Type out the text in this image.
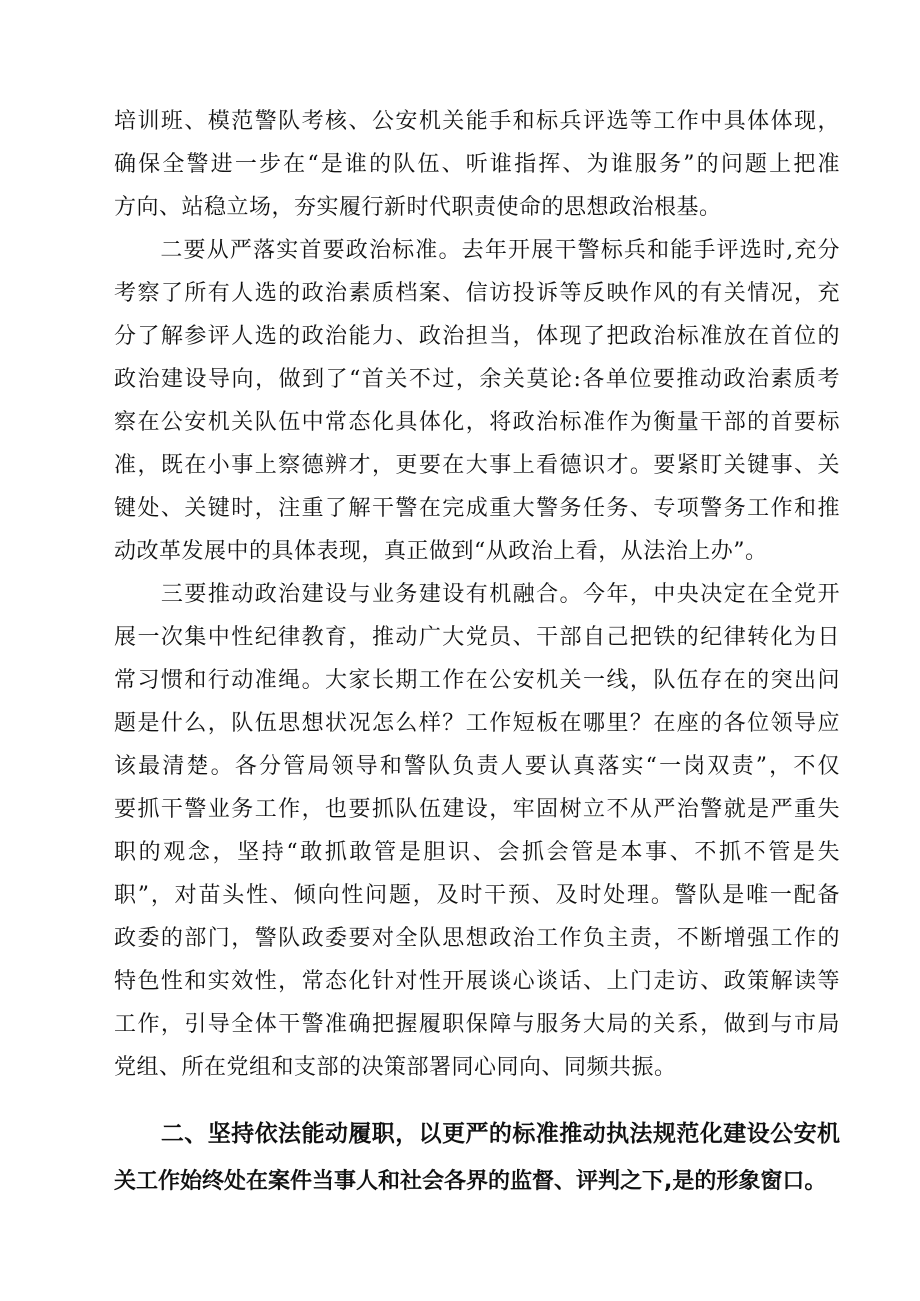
培训班、模范警队考核、公安机关能手和标兵评选等工作中具体体现，
确保全警进一步在“是谁的队伍、听谁指挥、为谁服务”的问题上把准
方向、站稳立场，夯实履行新时代职责使命的思想政治根基。
　　二要从严落实首要政治标准。去年开展干警标兵和能手评选时,充分
考察了所有人选的政治素质档案、信访投诉等反映作风的有关情况，充
分了解参评人选的政治能力、政治担当，体现了把政治标准放在首位的
政治建设导向，做到了“首关不过，余关莫论:各单位要推动政治素质考
察在公安机关队伍中常态化具体化，将政治标准作为衡量干部的首要标
准，既在小事上察德辨才，更要在大事上看德识才。要紧盯关键事、关
键处、关键时，注重了解干警在完成重大警务任务、专项警务工作和推
动改革发展中的具体表现，真正做到“从政治上看，从法治上办”。
　　三要推动政治建设与业务建设有机融合。今年，中央决定在全党开
展一次集中性纪律教育，推动广大党员、干部自己把铁的纪律转化为日
常习惯和行动准绳。大家长期工作在公安机关一线，队伍存在的突出问
题是什么，队伍思想状况怎么样？工作短板在哪里？在座的各位领导应
该最清楚。各分管局领导和警队负责人要认真落实“一岗双责”，不仅
要抓干警业务工作，也要抓队伍建设，牢固树立不从严治警就是严重失
职的观念，坚持“敢抓敢管是胆识、会抓会管是本事、不抓不管是失
职”，对苗头性、倾向性问题，及时干预、及时处理。警队是唯一配备
政委的部门，警队政委要对全队思想政治工作负主责，不断增强工作的
特色性和实效性，常态化针对性开展谈心谈话、上门走访、政策解读等
工作，引导全体干警准确把握履职保障与服务大局的关系，做到与市局
党组、所在党组和支部的决策部署同心同向、同频共振。
　　二、坚持依法能动履职，以更严的标准推动执法规范化建设公安机
关工作始终处在案件当事人和社会各界的监督、评判之下,是的形象窗口。
